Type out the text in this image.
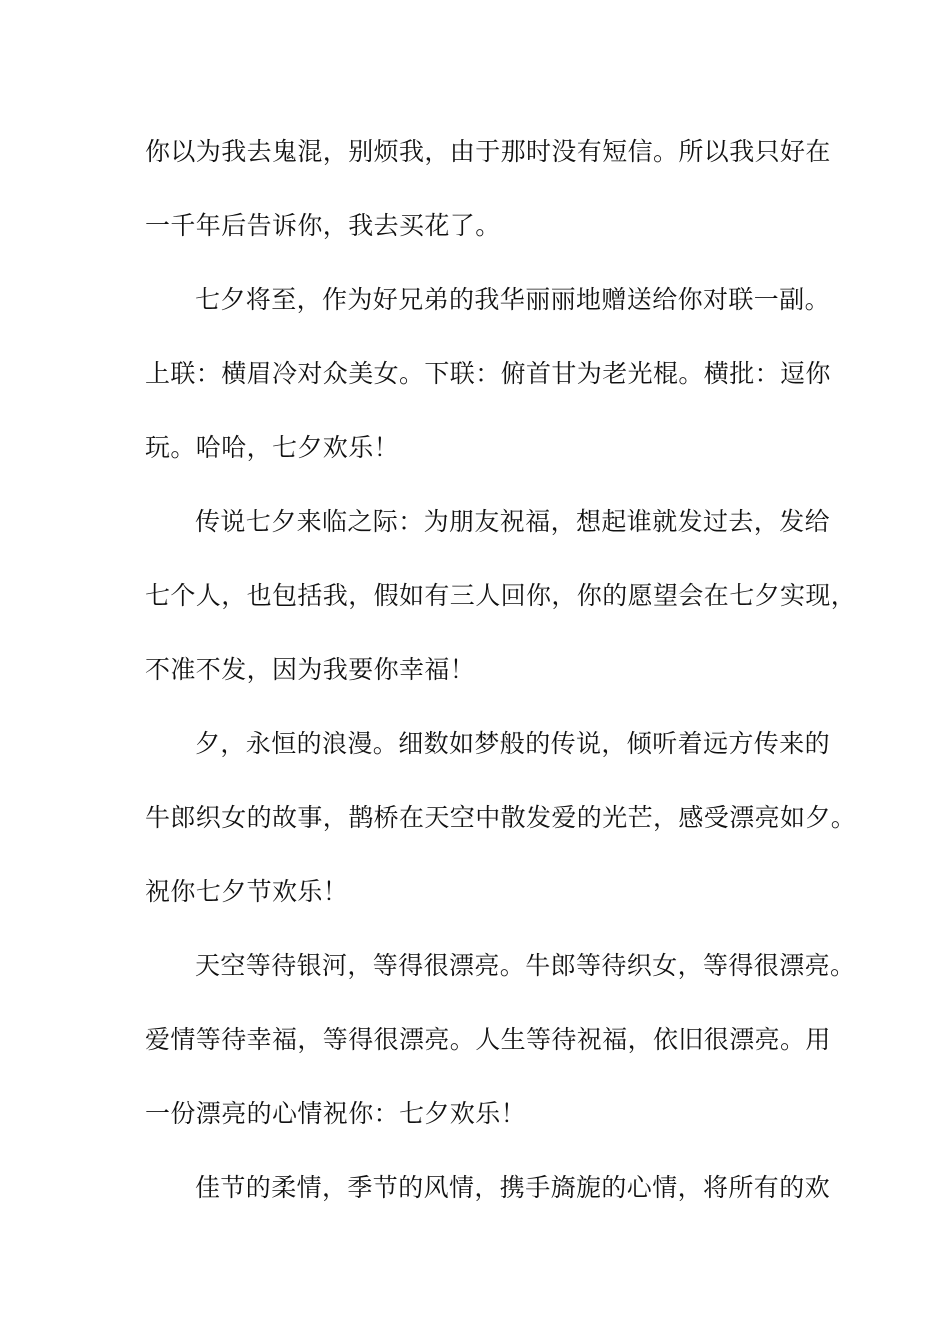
你以为我去鬼混，别烦我，由于那时没有短信。所以我只好在
一千年后告诉你，我去买花了。
七夕将至，作为好兄弟的我华丽丽地赠送给你对联一副。
上联：横眉冷对众美女。下联：俯首甘为老光棍。横批：逗你
玩。哈哈，七夕欢乐！
传说七夕来临之际：为朋友祝福，想起谁就发过去，发给
七个人，也包括我，假如有三人回你，你的愿望会在七夕实现，
不准不发，因为我要你幸福！
夕，永恒的浪漫。细数如梦般的传说，倾听着远方传来的
牛郎织女的故事，鹊桥在天空中散发爱的光芒，感受漂亮如夕。
祝你七夕节欢乐！
天空等待银河，等得很漂亮。牛郎等待织女，等得很漂亮。
爱情等待幸福，等得很漂亮。人生等待祝福，依旧很漂亮。用
一份漂亮的心情祝你：七夕欢乐！
佳节的柔情，季节的风情，携手旖旎的心情，将所有的欢
